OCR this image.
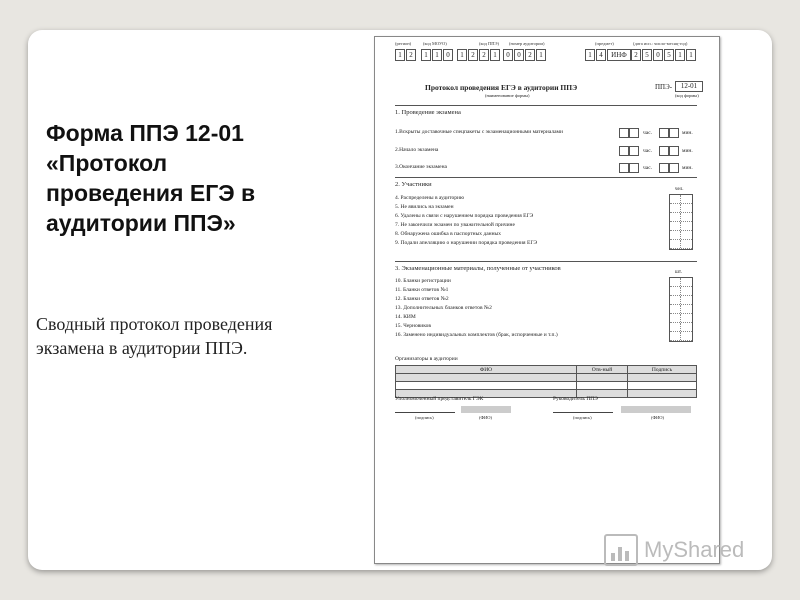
Форма ППЭ 12-01
«Протокол
проведения ЕГЭ в
аудитории ППЭ»
Сводный протокол проведения экзамена в аудитории ППЭ.
(регион)	(код МОУО)	(код ППЭ) (номер аудитории)	(предмет)	(дата исп.: число-месяц-год)
1	2	1	1	0	1	2	2	1	0	0	2	1	1	4	ИНФ	2	5	0	5	1	1
Протокол проведения ЕГЭ в аудитории ППЭ
(наименование формы)
ППЭ-	12-01
(код формы)
1. Проведение экзамена
1.Вскрыты доставочные спецпакеты с экзаменационными материалами	час.	мин.
2.Начало экзамена	час.	мин.
3.Окончание экзамена	час.	мин.
2. Участники
чел.
4. Распределены в аудиторию
5. Не явились на экзамен
6. Удалены в связи с нарушением порядка проведения ЕГЭ
7. Не закончили экзамен по уважительной причине
8. Обнаружена ошибка в паспортных данных
9. Подали апелляцию о нарушении порядка проведения ЕГЭ
3. Экзаменационные материалы, полученные от участников
шт.
10. Бланки регистрации
11. Бланки ответов №1
12. Бланки ответов №2
13. Дополнительных бланков ответов №2
14. КИМ
15. Черновиков
16. Заменено индивидуальных комплектов (брак, испорченные и т.п.)
Организаторы в аудитории
ФИО	Отв-ный	Подпись

Уполномоченный представитель ГЭК	Руководитель ППЭ
(подпись)	(ФИО)	(подпись)	(ФИО)
MyShared
